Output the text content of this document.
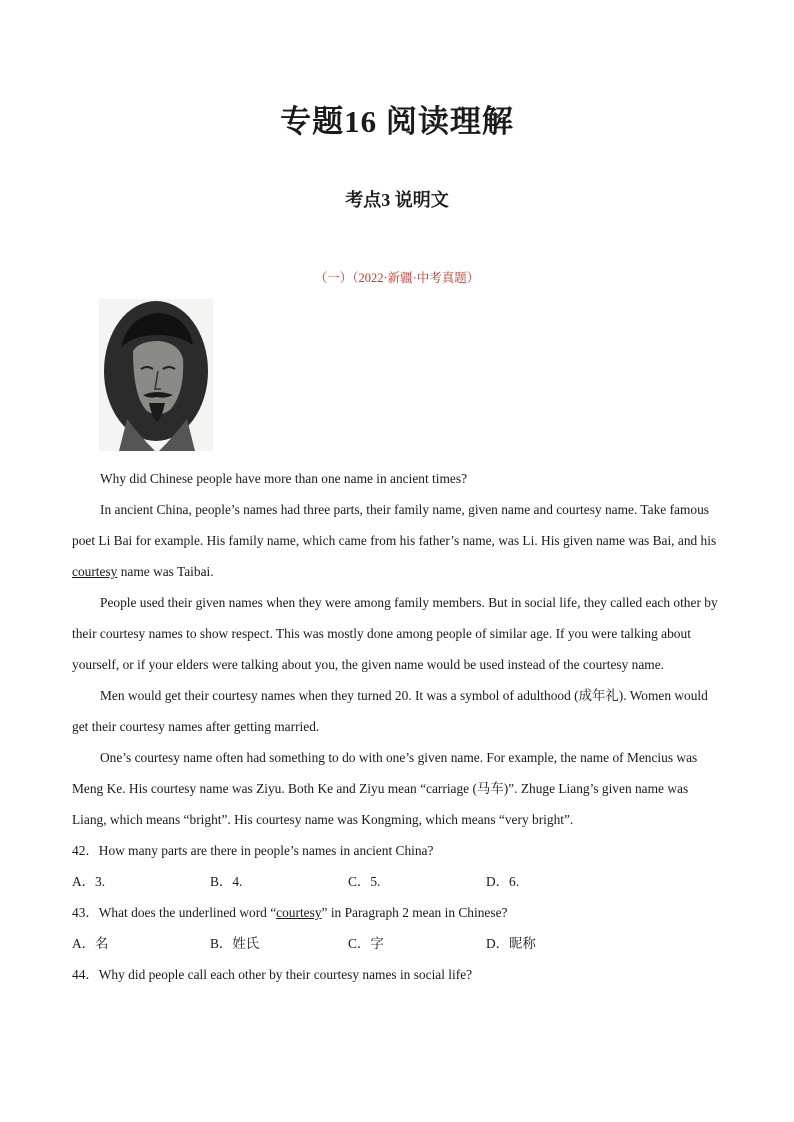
专题16 阅读理解
考点3 说明文
（一）（2022·新疆·中考真题）

Why did Chinese people have more than one name in ancient times?

In ancient China, people’s names had three parts, their family name, given name and courtesy name. Take famous poet Li Bai for example. His family name, which came from his father’s name, was Li. His given name was Bai, and his courtesy name was Taibai.

People used their given names when they were among family members. But in social life, they called each other by their courtesy names to show respect. This was mostly done among people of similar age. If you were talking about yourself, or if your elders were talking about you, the given name would be used instead of the courtesy name.

Men would get their courtesy names when they turned 20. It was a symbol of adulthood (成年礼). Women would get their courtesy names after getting married.

One’s courtesy name often had something to do with one’s given name. For example, the name of Mencius was Meng Ke. His courtesy name was Ziyu. Both Ke and Ziyu mean “carriage (马车)”. Zhuge Liang’s given name was Liang, which means “bright”. His courtesy name was Kongming, which means “very bright”.

42．How many parts are there in people’s names in ancient China?
A．3.	B．4.	C．5.	D．6.
43．What does the underlined word “courtesy” in Paragraph 2 mean in Chinese?
A．名	B．姓氏	C．字	D．昵称
44．Why did people call each other by their courtesy names in social life?
